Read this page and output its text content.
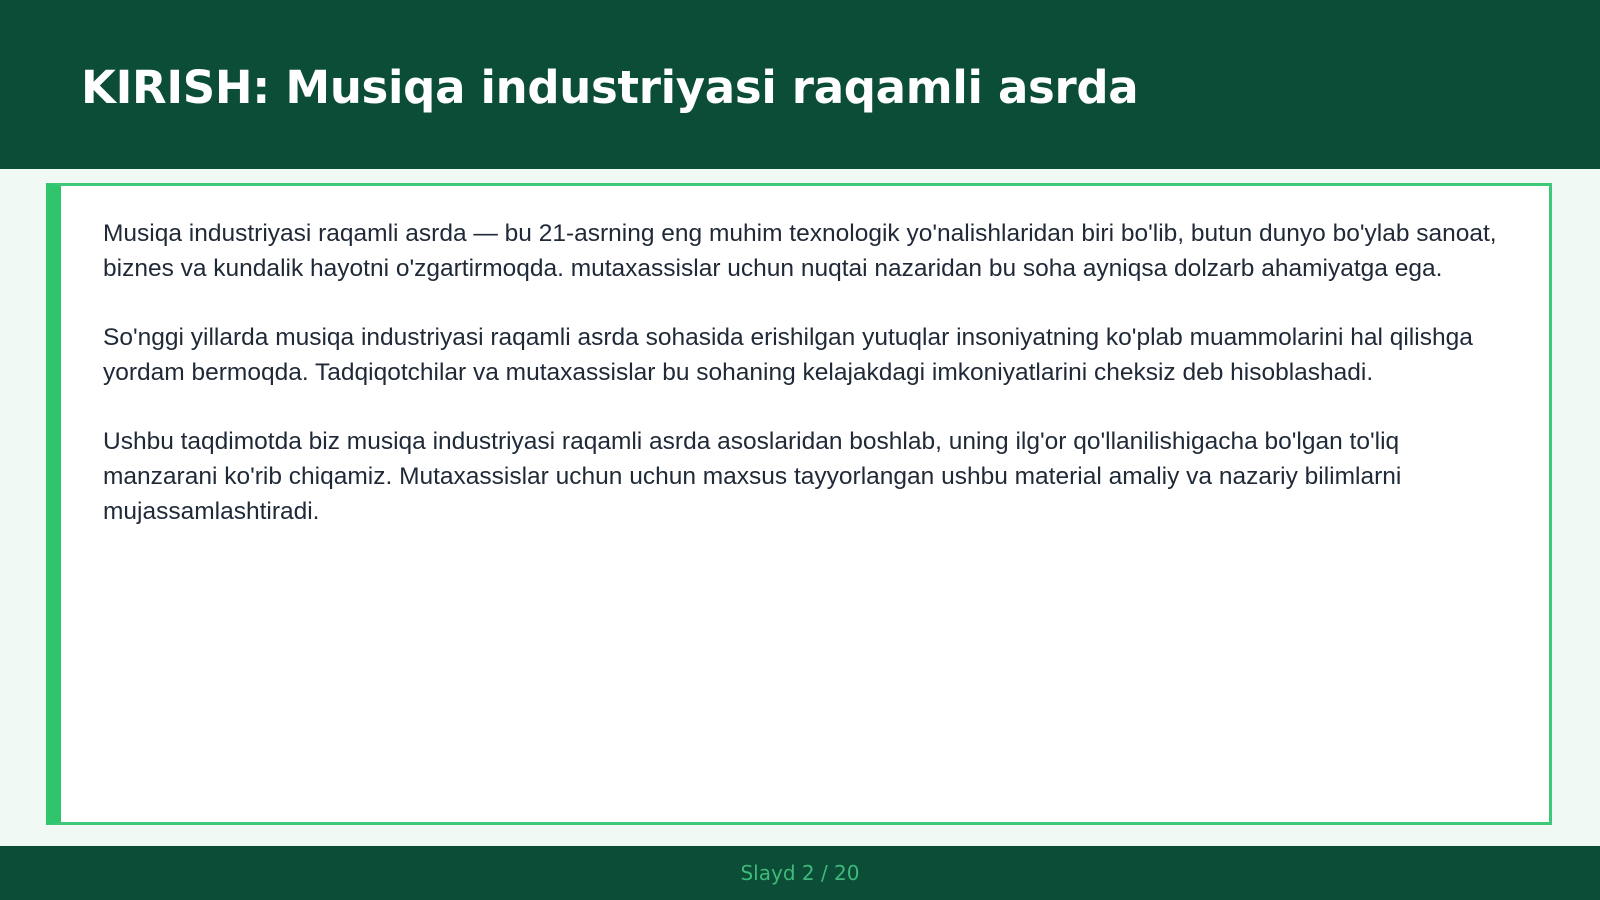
KIRISH: Musiqa industriyasi raqamli asrda

Musiqa industriyasi raqamli asrda — bu 21-asrning eng muhim texnologik yo'nalishlaridan biri bo'lib, butun dunyo bo'ylab sanoat, biznes va kundalik hayotni o'zgartirmoqda. mutaxassislar uchun nuqtai nazaridan bu soha ayniqsa dolzarb ahamiyatga ega.

So'nggi yillarda musiqa industriyasi raqamli asrda sohasida erishilgan yutuqlar insoniyatning ko'plab muammolarini hal qilishga yordam bermoqda. Tadqiqotchilar va mutaxassislar bu sohaning kelajakdagi imkoniyatlarini cheksiz deb hisoblashadi.

Ushbu taqdimotda biz musiqa industriyasi raqamli asrda asoslaridan boshlab, uning ilg'or qo'llanilishigacha bo'lgan to'liq manzarani ko'rib chiqamiz. Mutaxassislar uchun uchun maxsus tayyorlangan ushbu material amaliy va nazariy bilimlarni mujassamlashtiradi.

Slayd 2 / 20
